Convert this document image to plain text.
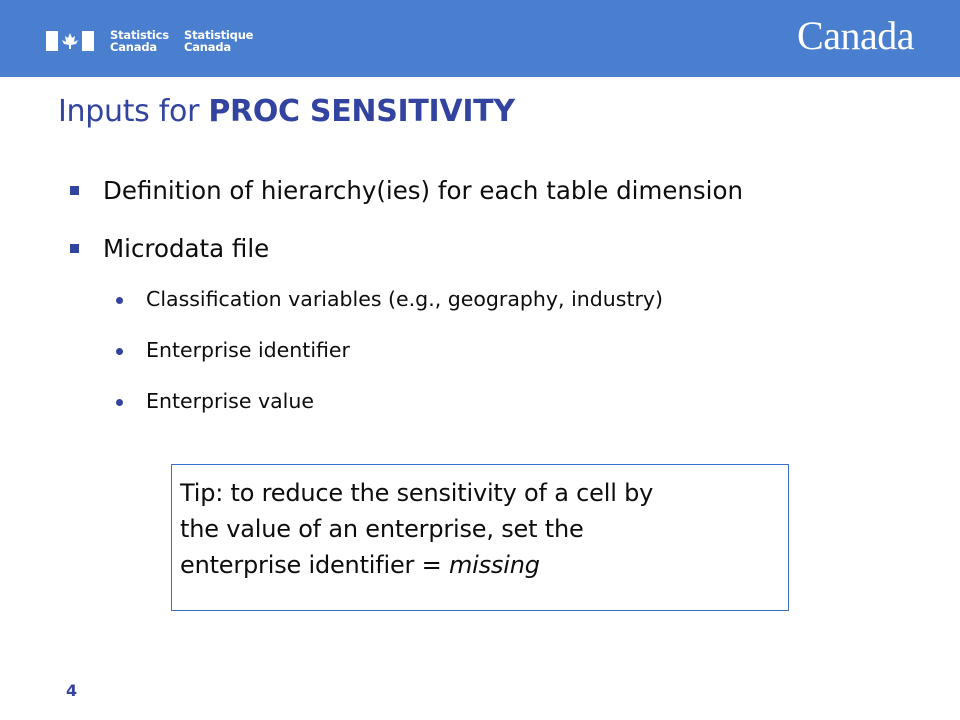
Statistics
Canada
Statistique
Canada	Canada
Inputs for PROC SENSITIVITY
Definition of hierarchy(ies) for each table dimension
Microdata file
Classification variables (e.g., geography, industry)
Enterprise identifier
Enterprise value
Tip: to reduce the sensitivity of a cell by
the value of an enterprise, set the
enterprise identifier = missing
4
